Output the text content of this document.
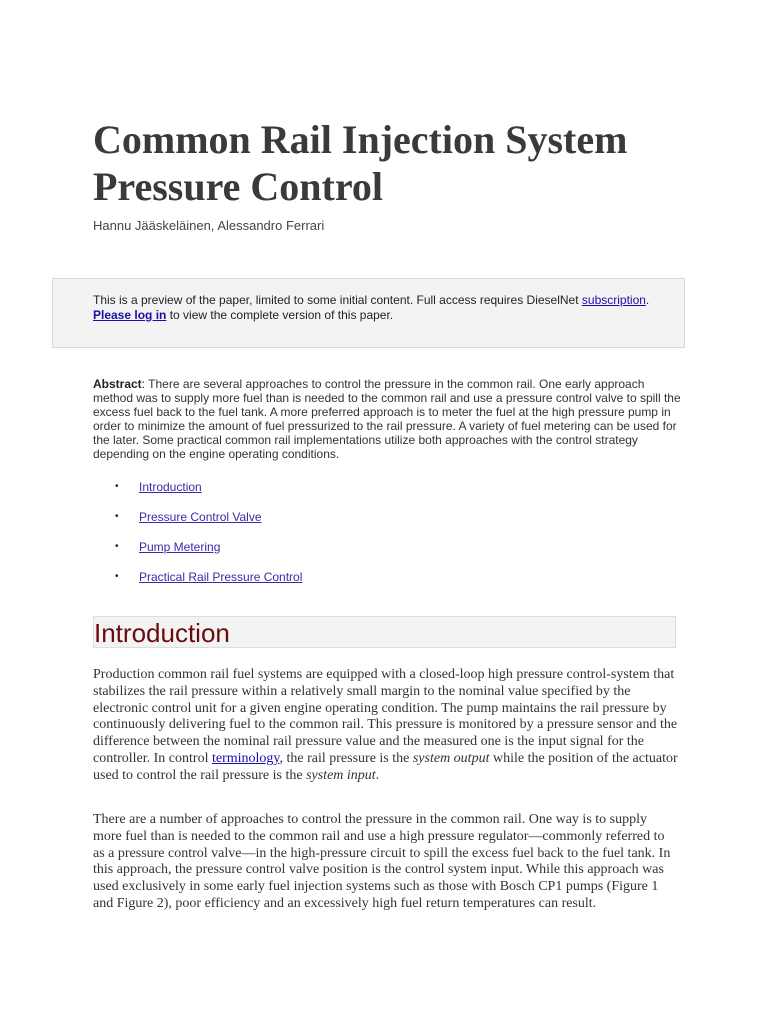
Common Rail Injection System Pressure Control

Hannu Jääskeläinen, Alessandro Ferrari

This is a preview of the paper, limited to some initial content. Full access requires DieselNet subscription.
Please log in to view the complete version of this paper.

Abstract: There are several approaches to control the pressure in the common rail. One early approach method was to supply more fuel than is needed to the common rail and use a pressure control valve to spill the excess fuel back to the fuel tank. A more preferred approach is to meter the fuel at the high pressure pump in order to minimize the amount of fuel pressurized to the rail pressure. A variety of fuel metering can be used for the later. Some practical common rail implementations utilize both approaches with the control strategy depending on the engine operating conditions.

• Introduction
• Pressure Control Valve
• Pump Metering
• Practical Rail Pressure Control
Introduction

Production common rail fuel systems are equipped with a closed-loop high pressure control-system that stabilizes the rail pressure within a relatively small margin to the nominal value specified by the electronic control unit for a given engine operating condition. The pump maintains the rail pressure by continuously delivering fuel to the common rail. This pressure is monitored by a pressure sensor and the difference between the nominal rail pressure value and the measured one is the input signal for the controller. In control terminology, the rail pressure is the system output while the position of the actuator used to control the rail pressure is the system input.

There are a number of approaches to control the pressure in the common rail. One way is to supply more fuel than is needed to the common rail and use a high pressure regulator—commonly referred to as a pressure control valve—in the high-pressure circuit to spill the excess fuel back to the fuel tank. In this approach, the pressure control valve position is the control system input. While this approach was used exclusively in some early fuel injection systems such as those with Bosch CP1 pumps (Figure 1 and Figure 2), poor efficiency and an excessively high fuel return temperatures can result.
